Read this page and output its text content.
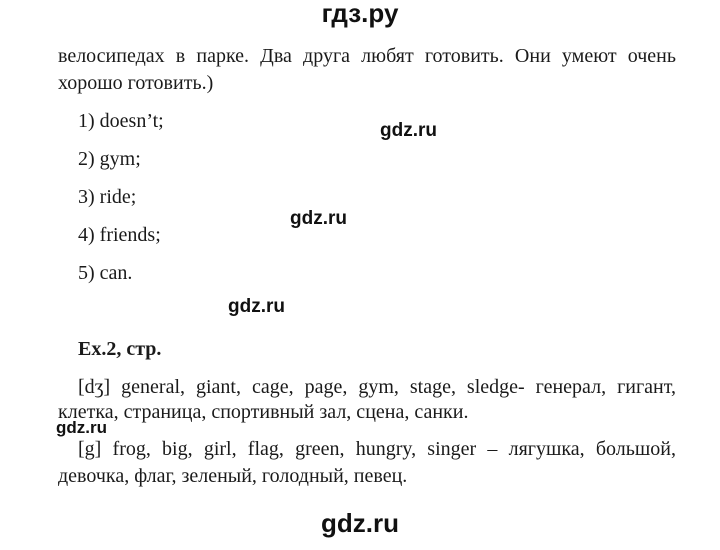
гдз.ру
велосипедах в парке. Два друга любят готовить. Они умеют очень
хорошо готовить.)
1) doesn’t;	gdz.ru
2) gym;
3) ride;
gdz.ru
4) friends;
5) can.
gdz.ru
Ex.2, стр.
[dʒ] general, giant, cage, page, gym, stage, sledge- генерал, гигант,
клетка, страница, спортивный зал, сцена, санки.
gdz.ru
[g] frog, big, girl, flag, green, hungry, singer – лягушка, большой,
девочка, флаг, зеленый, голодный, певец.
gdz.ru
